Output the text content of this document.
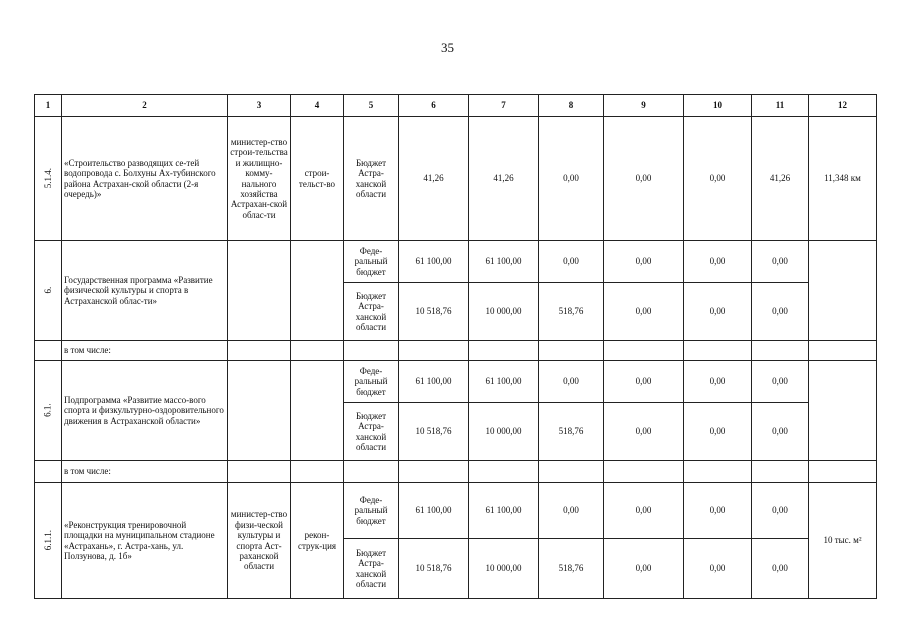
35
1	2	3	4	5	6	7	8	9	10	11	12

5.1.4.	«Строительство разводящих се-тей водопровода с. Болхуны Ах-тубинского района Астрахан-ской области (2-я очередь)»	министер-ство строи-тельства и жилищно-комму-нального хозяйства Астрахан-ской облас-ти	строи-тельст-во	Бюджет Астра-ханской области	41,26	41,26	0,00	0,00	0,00	41,26	11,348 км

6.	Государственная программа «Развитие физической культуры и спорта в Астраханской облас-ти»			Феде-ральный бюджет	61 100,00	61 100,00	0,00	0,00	0,00	0,00	
				Бюджет Астра-ханской области	10 518,76	10 000,00	518,76	0,00	0,00	0,00	
	в том числе:										

6.1.	Подпрограмма «Развитие массо-вого спорта и физкультурно-оздоровительного движения в Астраханской области»			Феде-ральный бюджет	61 100,00	61 100,00	0,00	0,00	0,00	0,00	
				Бюджет Астра-ханской области	10 518,76	10 000,00	518,76	0,00	0,00	0,00	
	в том числе:										

6.1.1.	«Реконструкция тренировочной площадки на муниципальном стадионе «Астрахань», г. Астра-хань, ул. Ползунова, д. 1б»	министер-ство физи-ческой культуры и спорта Аст-раханской области	рекон-струк-ция	Феде-ральный бюджет	61 100,00	61 100,00	0,00	0,00	0,00	0,00	10 тыс. м²
				Бюджет Астра-ханской области	10 518,76	10 000,00	518,76	0,00	0,00	0,00	
